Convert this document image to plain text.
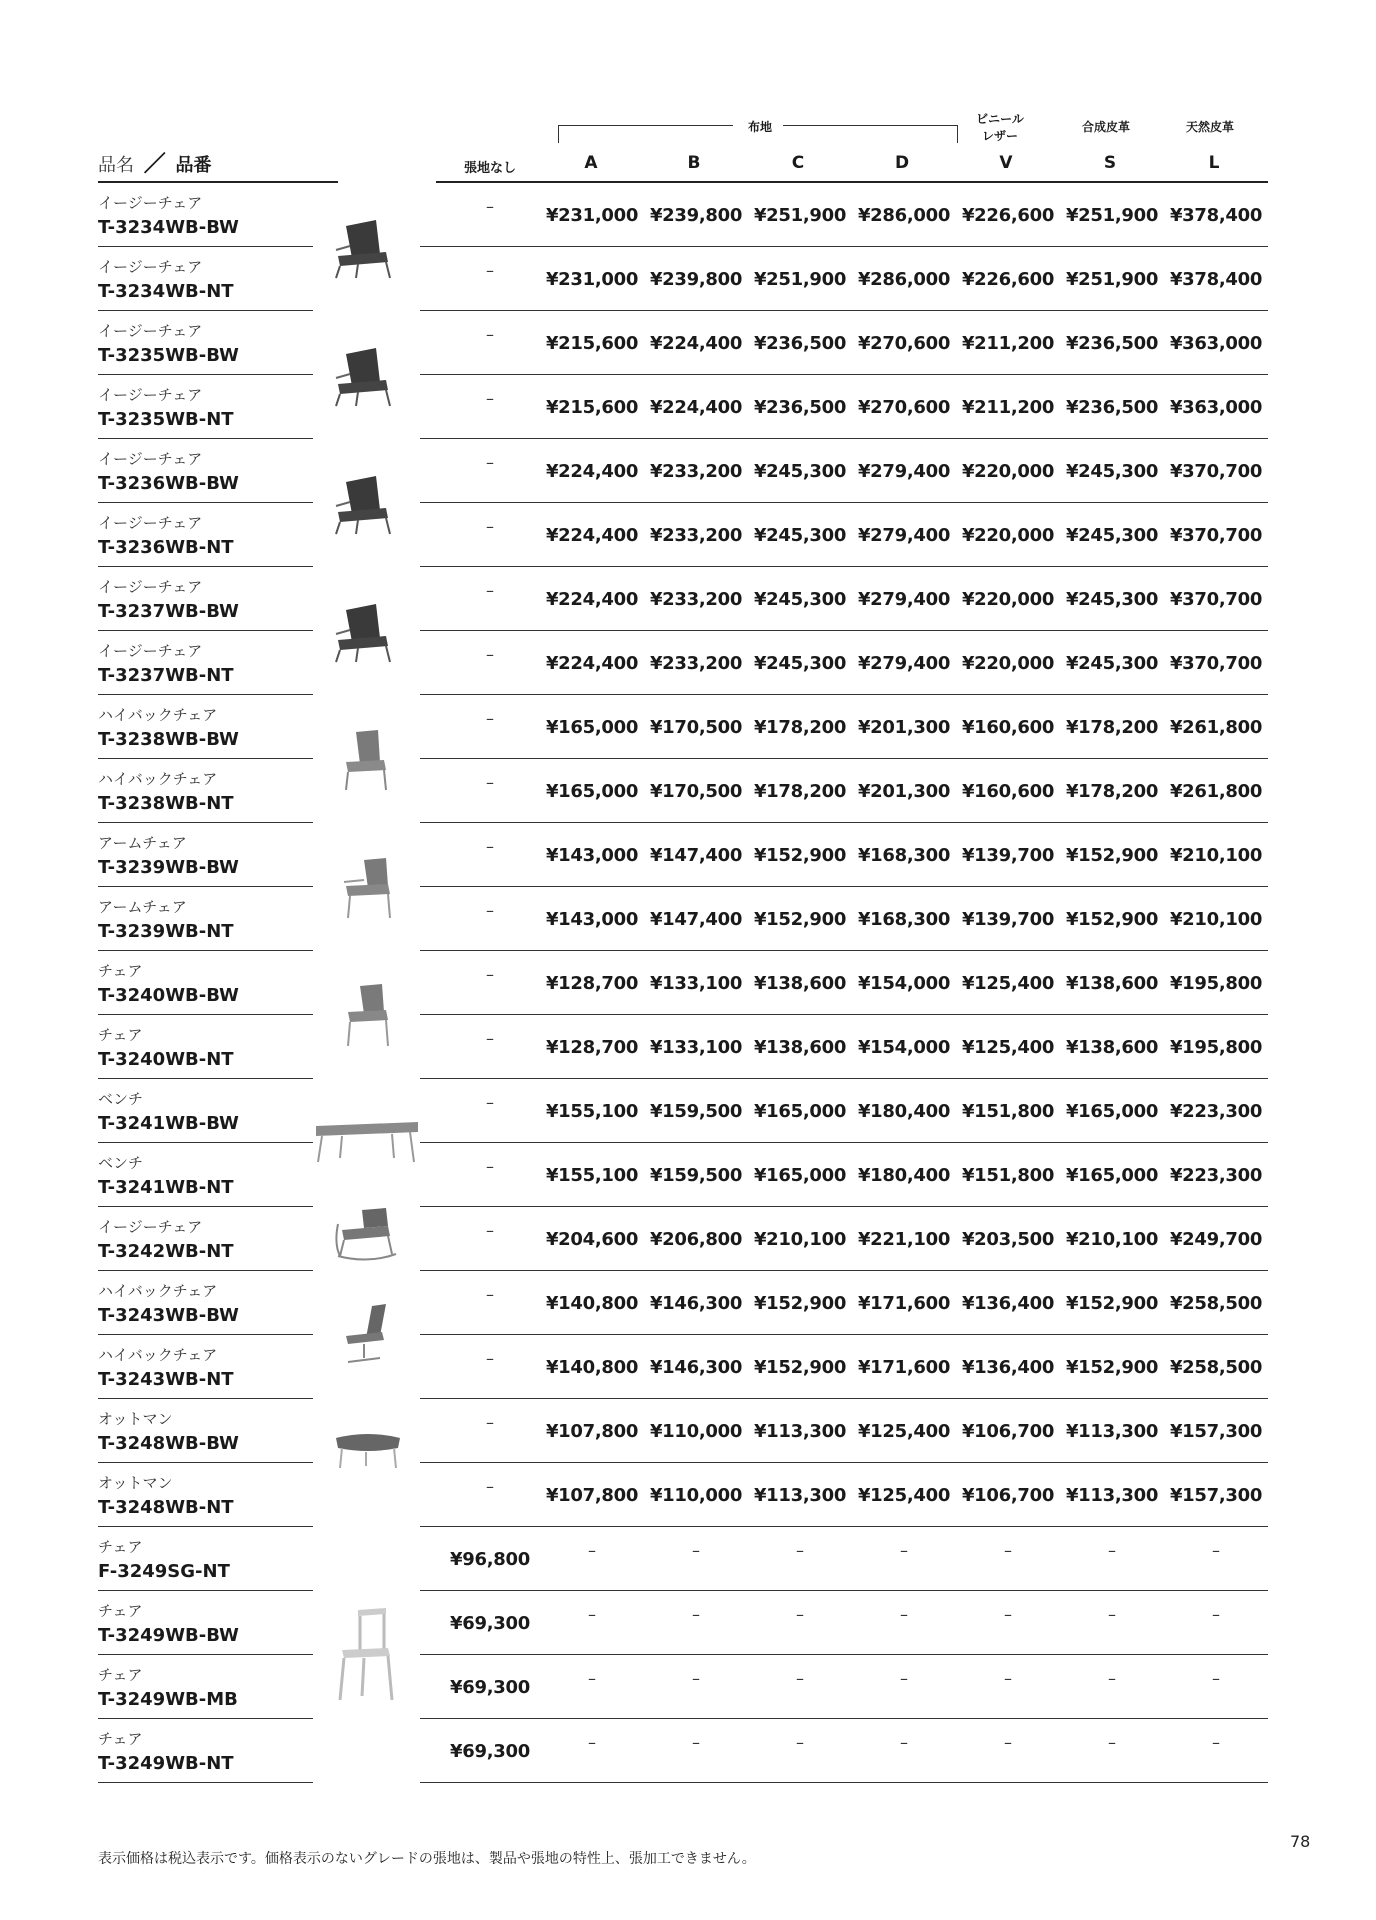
布地
ビニール
レザー
合成皮革	天然皮革
品名 ／ 品番	張地なし	A	B	C	D	V	S	L
イージーチェア
T-3234WB-BW
–	¥231,000 ¥239,800 ¥251,900 ¥286,000 ¥226,600 ¥251,900 ¥378,400
イージーチェア
T-3234WB-NT
–	¥231,000 ¥239,800 ¥251,900 ¥286,000 ¥226,600 ¥251,900 ¥378,400
イージーチェア
T-3235WB-BW
–	¥215,600 ¥224,400 ¥236,500 ¥270,600 ¥211,200 ¥236,500 ¥363,000
イージーチェア
T-3235WB-NT
–	¥215,600 ¥224,400 ¥236,500 ¥270,600 ¥211,200 ¥236,500 ¥363,000
イージーチェア
T-3236WB-BW
–	¥224,400 ¥233,200 ¥245,300 ¥279,400 ¥220,000 ¥245,300 ¥370,700
イージーチェア
T-3236WB-NT
–	¥224,400 ¥233,200 ¥245,300 ¥279,400 ¥220,000 ¥245,300 ¥370,700
イージーチェア
T-3237WB-BW
–	¥224,400 ¥233,200 ¥245,300 ¥279,400 ¥220,000 ¥245,300 ¥370,700
イージーチェア
T-3237WB-NT
–	¥224,400 ¥233,200 ¥245,300 ¥279,400 ¥220,000 ¥245,300 ¥370,700
ハイバックチェア
T-3238WB-BW
–	¥165,000 ¥170,500 ¥178,200 ¥201,300 ¥160,600 ¥178,200 ¥261,800
ハイバックチェア
T-3238WB-NT
–	¥165,000 ¥170,500 ¥178,200 ¥201,300 ¥160,600 ¥178,200 ¥261,800
アームチェア
T-3239WB-BW
–	¥143,000 ¥147,400 ¥152,900 ¥168,300 ¥139,700 ¥152,900 ¥210,100
アームチェア
T-3239WB-NT
–	¥143,000 ¥147,400 ¥152,900 ¥168,300 ¥139,700 ¥152,900 ¥210,100
チェア
T-3240WB-BW
–	¥128,700 ¥133,100 ¥138,600 ¥154,000 ¥125,400 ¥138,600 ¥195,800
チェア
T-3240WB-NT
–	¥128,700 ¥133,100 ¥138,600 ¥154,000 ¥125,400 ¥138,600 ¥195,800
ベンチ
T-3241WB-BW
–	¥155,100 ¥159,500 ¥165,000 ¥180,400 ¥151,800 ¥165,000 ¥223,300
ベンチ
T-3241WB-NT
–	¥155,100 ¥159,500 ¥165,000 ¥180,400 ¥151,800 ¥165,000 ¥223,300
イージーチェア
T-3242WB-NT
–	¥204,600 ¥206,800 ¥210,100 ¥221,100 ¥203,500 ¥210,100 ¥249,700
ハイバックチェア
T-3243WB-BW
–	¥140,800 ¥146,300 ¥152,900 ¥171,600 ¥136,400 ¥152,900 ¥258,500
ハイバックチェア
T-3243WB-NT
–	¥140,800 ¥146,300 ¥152,900 ¥171,600 ¥136,400 ¥152,900 ¥258,500
オットマン
T-3248WB-BW
–	¥107,800 ¥110,000 ¥113,300 ¥125,400 ¥106,700 ¥113,300 ¥157,300
オットマン
T-3248WB-NT
–	¥107,800 ¥110,000 ¥113,300 ¥125,400 ¥106,700 ¥113,300 ¥157,300
チェア
F-3249SG-NT
¥96,800	–	–	–	–	–	–	–
チェア
T-3249WB-BW
¥69,300	–	–	–	–	–	–	–
チェア
T-3249WB-MB
¥69,300	–	–	–	–	–	–	–
チェア
T-3249WB-NT
¥69,300	–	–	–	–	–	–	–
表示価格は税込表示です。価格表示のないグレードの張地は、製品や張地の特性上、張加工できません。
78
